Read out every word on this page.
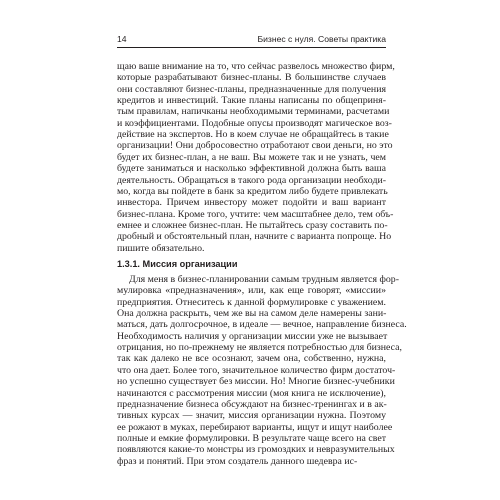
14	Бизнес с нуля. Советы практика
щаю ваше внимание на то, что сейчас развелось множество фирм,
которые разрабатывают бизнес-планы. В большинстве случаев
они составляют бизнес-планы, предназначенные для получения
кредитов и инвестиций. Такие планы написаны по общеприня-
тым правилам, напичканы необходимыми терминами, расчетами
и коэффициентами. Подобные опусы производят магическое воз-
действие на экспертов. Но в коем случае не обращайтесь в такие
организации! Они добросовестно отработают свои деньги, но это
будет их бизнес-план, а не ваш. Вы можете так и не узнать, чем
будете заниматься и насколько эффективной должна быть ваша
деятельность. Обращаться в такого рода организации необходи-
мо, когда вы пойдете в банк за кредитом либо будете привлекать
инвестора. Причем инвестору может подойти и ваш вариант
бизнес-плана. Кроме того, учтите: чем масштабнее дело, тем объ-
емнее и сложнее бизнес-план. Не пытайтесь сразу составить по-
дробный и обстоятельный план, начните с варианта попроще. Но
пишите обязательно.
1.3.1. Миссия организации
Для меня в бизнес-планировании самым трудным является фор-
мулировка «предназначения», или, как еще говорят, «миссии»
предприятия. Отнеситесь к данной формулировке с уважением.
Она должна раскрыть, чем же вы на самом деле намерены зани-
маться, дать долгосрочное, в идеале — вечное, направление бизнеса.
Необходимость наличия у организации миссии уже не вызывает
отрицания, но по-прежнему не является потребностью для бизнеса,
так как далеко не все осознают, зачем она, собственно, нужна,
что она дает. Более того, значительное количество фирм достаточ-
но успешно существует без миссии. Но! Многие бизнес-учебники
начинаются с рассмотрения миссии (моя книга не исключение),
предназначение бизнеса обсуждают на бизнес-тренингах и в ак-
тивных курсах — значит, миссия организации нужна. Поэтому
ее рожают в муках, перебирают варианты, ищут и ищут наиболее
полные и емкие формулировки. В результате чаще всего на свет
появляются какие-то монстры из громоздких и невразумительных
фраз и понятий. При этом создатель данного шедевра ис-
